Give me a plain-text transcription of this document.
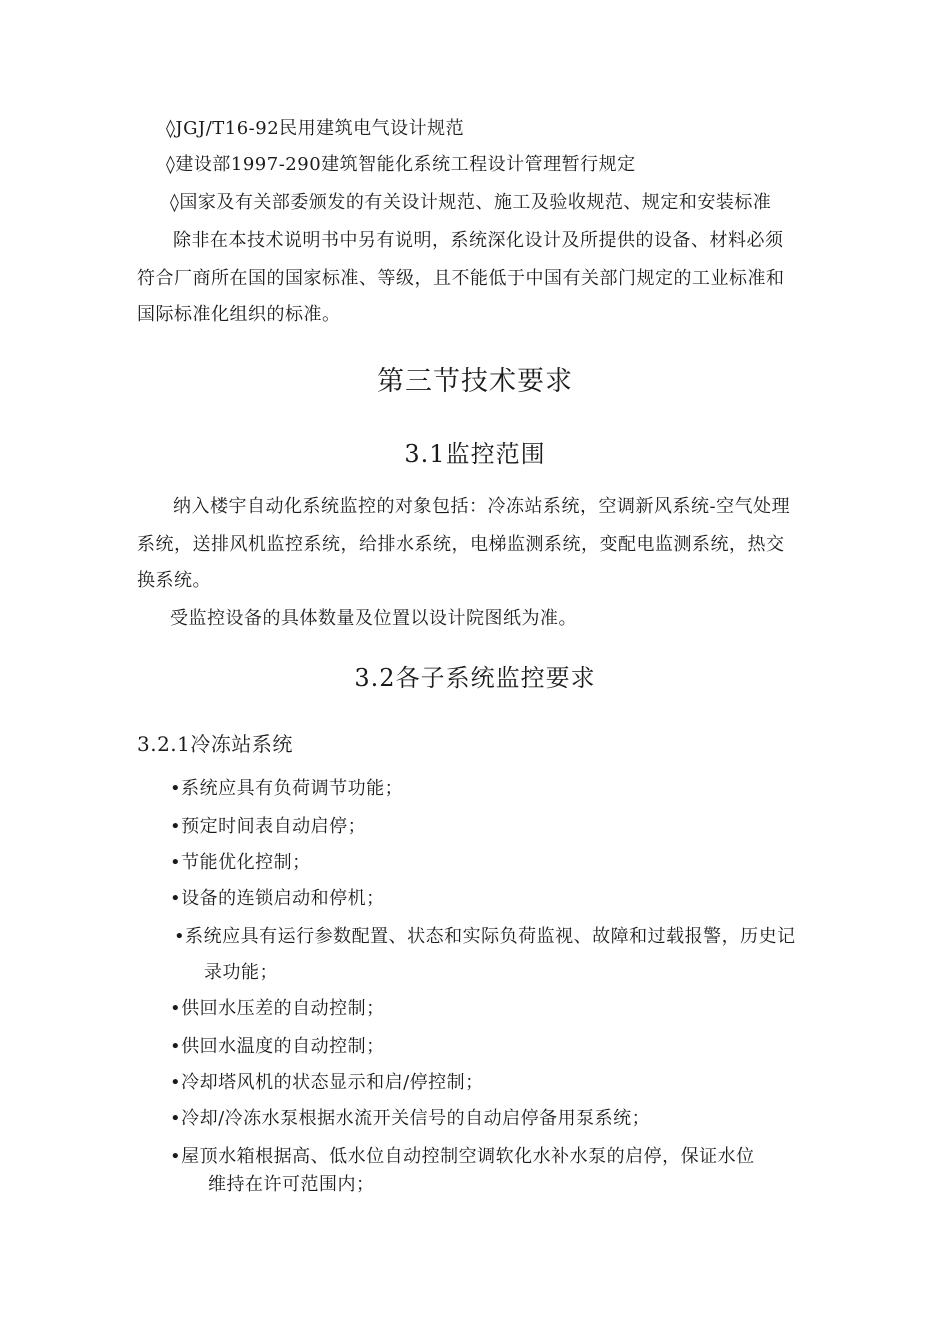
◊JGJ/T16-92民用建筑电气设计规范
◊建设部1997-290建筑智能化系统工程设计管理暂行规定
◊国家及有关部委颁发的有关设计规范、施工及验收规范、规定和安装标准
除非在本技术说明书中另有说明，系统深化设计及所提供的设备、材料必须
符合厂商所在国的国家标准、等级，且不能低于中国有关部门规定的工业标准和
国际标准化组织的标准。
第三节技术要求
3.1监控范围
纳入楼宇自动化系统监控的对象包括：冷冻站系统，空调新风系统-空气处理
系统，送排风机监控系统，给排水系统，电梯监测系统，变配电监测系统，热交
换系统。
受监控设备的具体数量及位置以设计院图纸为准。
3.2各子系统监控要求
3.2.1冷冻站系统
•系统应具有负荷调节功能；
•预定时间表自动启停；
•节能优化控制；
•设备的连锁启动和停机；
•系统应具有运行参数配置、状态和实际负荷监视、故障和过载报警，历史记
录功能；
•供回水压差的自动控制；
•供回水温度的自动控制；
•冷却塔风机的状态显示和启/停控制；
•冷却/冷冻水泵根据水流开关信号的自动启停备用泵系统；
•屋顶水箱根据高、低水位自动控制空调软化水补水泵的启停，保证水位
维持在许可范围内；
